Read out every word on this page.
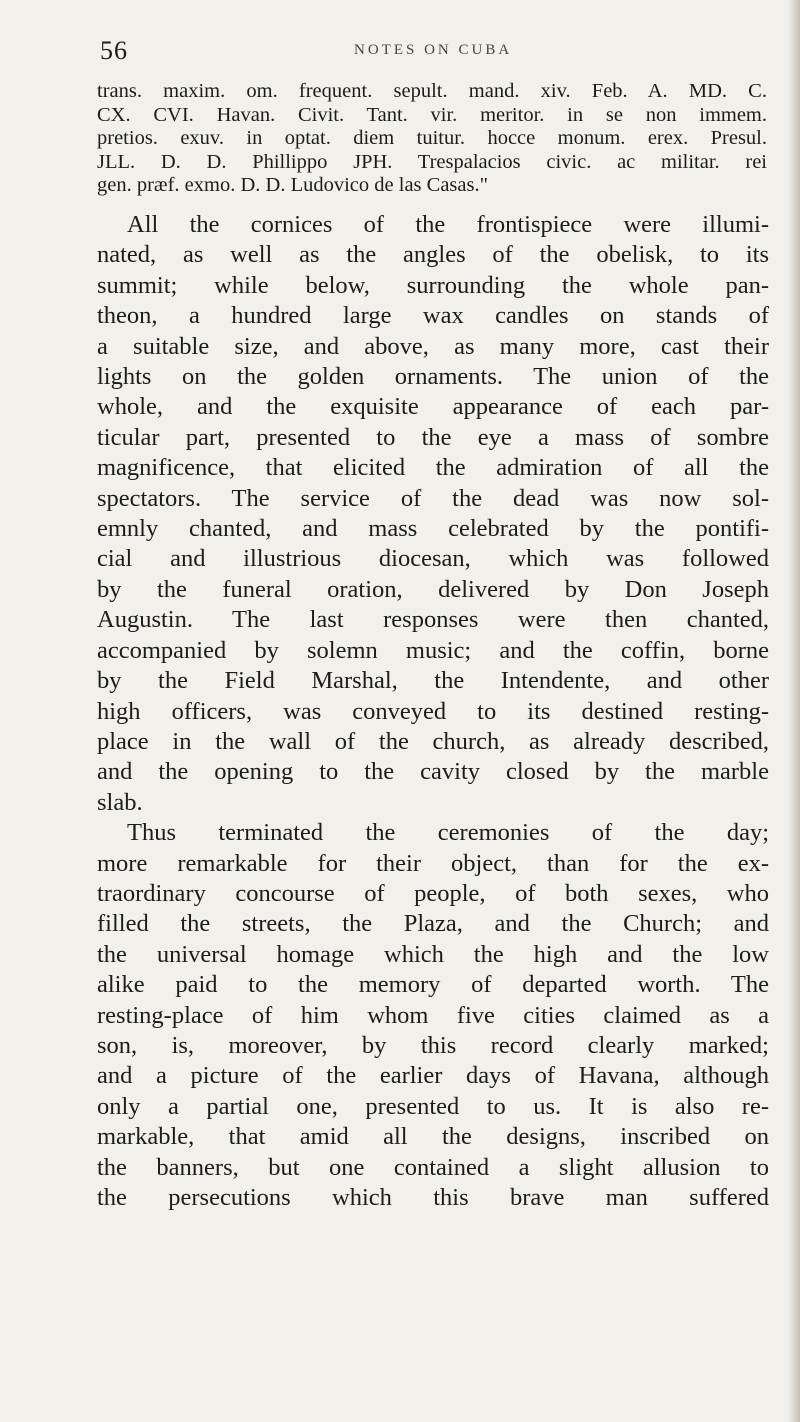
56	NOTES ON CUBA
trans. maxim. om. frequent. sepult. mand. xiv. Feb. A. MD. C.
CX. CVI. Havan. Civit. Tant. vir. meritor. in se non immem.
pretios. exuv. in optat. diem tuitur. hocce monum. erex. Presul.
JLL. D. D. Phillippo JPH. Trespalacios civic. ac militar. rei
gen. præf. exmo. D. D. Ludovico de las Casas."
All the cornices of the frontispiece were illumi-
nated, as well as the angles of the obelisk, to its
summit; while below, surrounding the whole pan-
theon, a hundred large wax candles on stands of
a suitable size, and above, as many more, cast their
lights on the golden ornaments. The union of the
whole, and the exquisite appearance of each par-
ticular part, presented to the eye a mass of sombre
magnificence, that elicited the admiration of all the
spectators. The service of the dead was now sol-
emnly chanted, and mass celebrated by the pontifi-
cial and illustrious diocesan, which was followed
by the funeral oration, delivered by Don Joseph
Augustin. The last responses were then chanted,
accompanied by solemn music; and the coffin, borne
by the Field Marshal, the Intendente, and other
high officers, was conveyed to its destined resting-
place in the wall of the church, as already described,
and the opening to the cavity closed by the marble
slab.
Thus terminated the ceremonies of the day;
more remarkable for their object, than for the ex-
traordinary concourse of people, of both sexes, who
filled the streets, the Plaza, and the Church; and
the universal homage which the high and the low
alike paid to the memory of departed worth. The
resting-place of him whom five cities claimed as a
son, is, moreover, by this record clearly marked;
and a picture of the earlier days of Havana, although
only a partial one, presented to us. It is also re-
markable, that amid all the designs, inscribed on
the banners, but one contained a slight allusion to
the persecutions which this brave man suffered
